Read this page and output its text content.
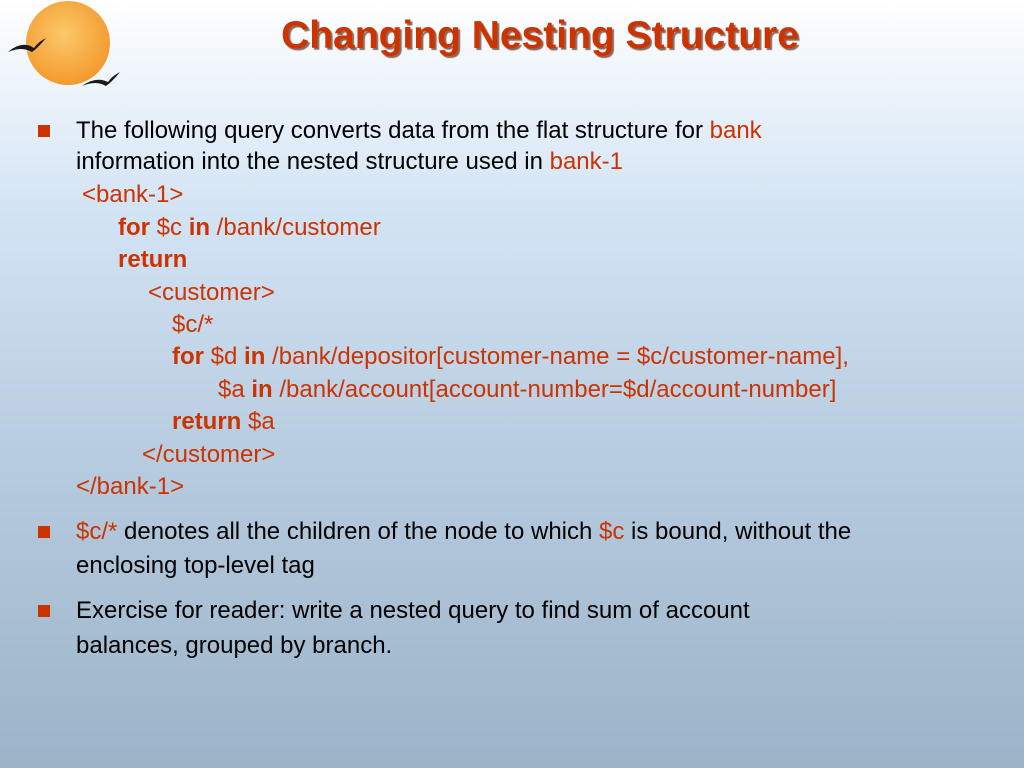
Changing Nesting Structure
The following query converts data from the flat structure for bank
information into the nested structure used in bank-1
<bank-1>
for $c in /bank/customer
return
<customer>
$c/*
for $d in /bank/depositor[customer-name = $c/customer-name],
$a in /bank/account[account-number=$d/account-number]
return $a
</customer>
</bank-1>
$c/* denotes all the children of the node to which $c is bound, without the
enclosing top-level tag
Exercise for reader: write a nested query to find sum of account
balances, grouped by branch.
